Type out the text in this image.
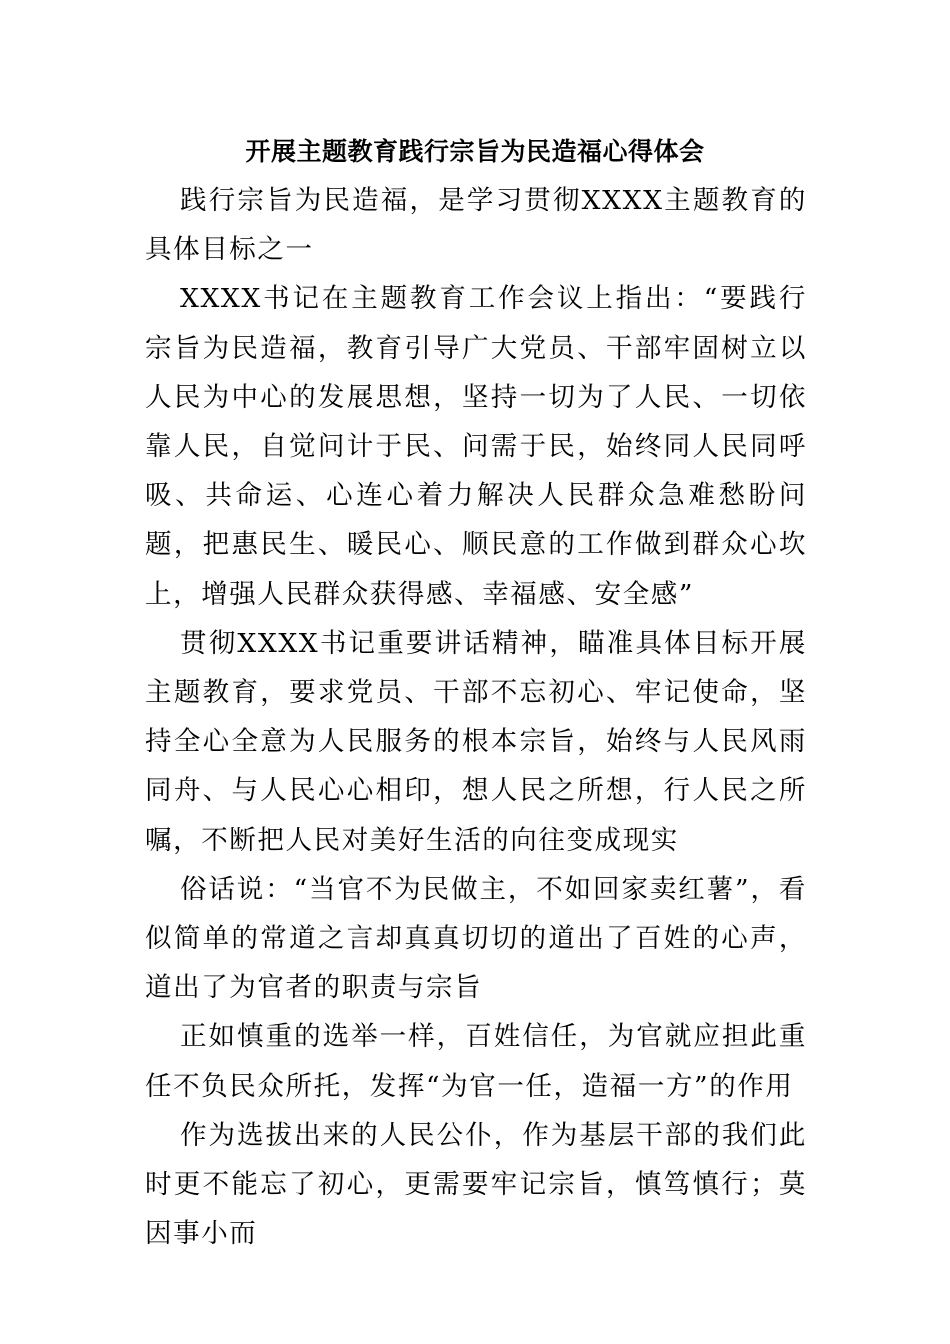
开展主题教育践行宗旨为民造福心得体会

践行宗旨为民造福，是学习贯彻XXXX主题教育的具体目标之一

XXXX书记在主题教育工作会议上指出：“要践行宗旨为民造福，教育引导广大党员、干部牢固树立以人民为中心的发展思想，坚持一切为了人民、一切依靠人民，自觉问计于民、问需于民，始终同人民同呼吸、共命运、心连心着力解决人民群众急难愁盼问题，把惠民生、暖民心、顺民意的工作做到群众心坎上，增强人民群众获得感、幸福感、安全感”

贯彻XXXX书记重要讲话精神，瞄准具体目标开展主题教育，要求党员、干部不忘初心、牢记使命，坚持全心全意为人民服务的根本宗旨，始终与人民风雨同舟、与人民心心相印，想人民之所想，行人民之所嘱，不断把人民对美好生活的向往变成现实

俗话说：“当官不为民做主，不如回家卖红薯”，看似简单的常道之言却真真切切的道出了百姓的心声，道出了为官者的职责与宗旨

正如慎重的选举一样，百姓信任，为官就应担此重任不负民众所托，发挥“为官一任，造福一方”的作用

作为选拔出来的人民公仆，作为基层干部的我们此时更不能忘了初心，更需要牢记宗旨，慎笃慎行；莫因事小而
